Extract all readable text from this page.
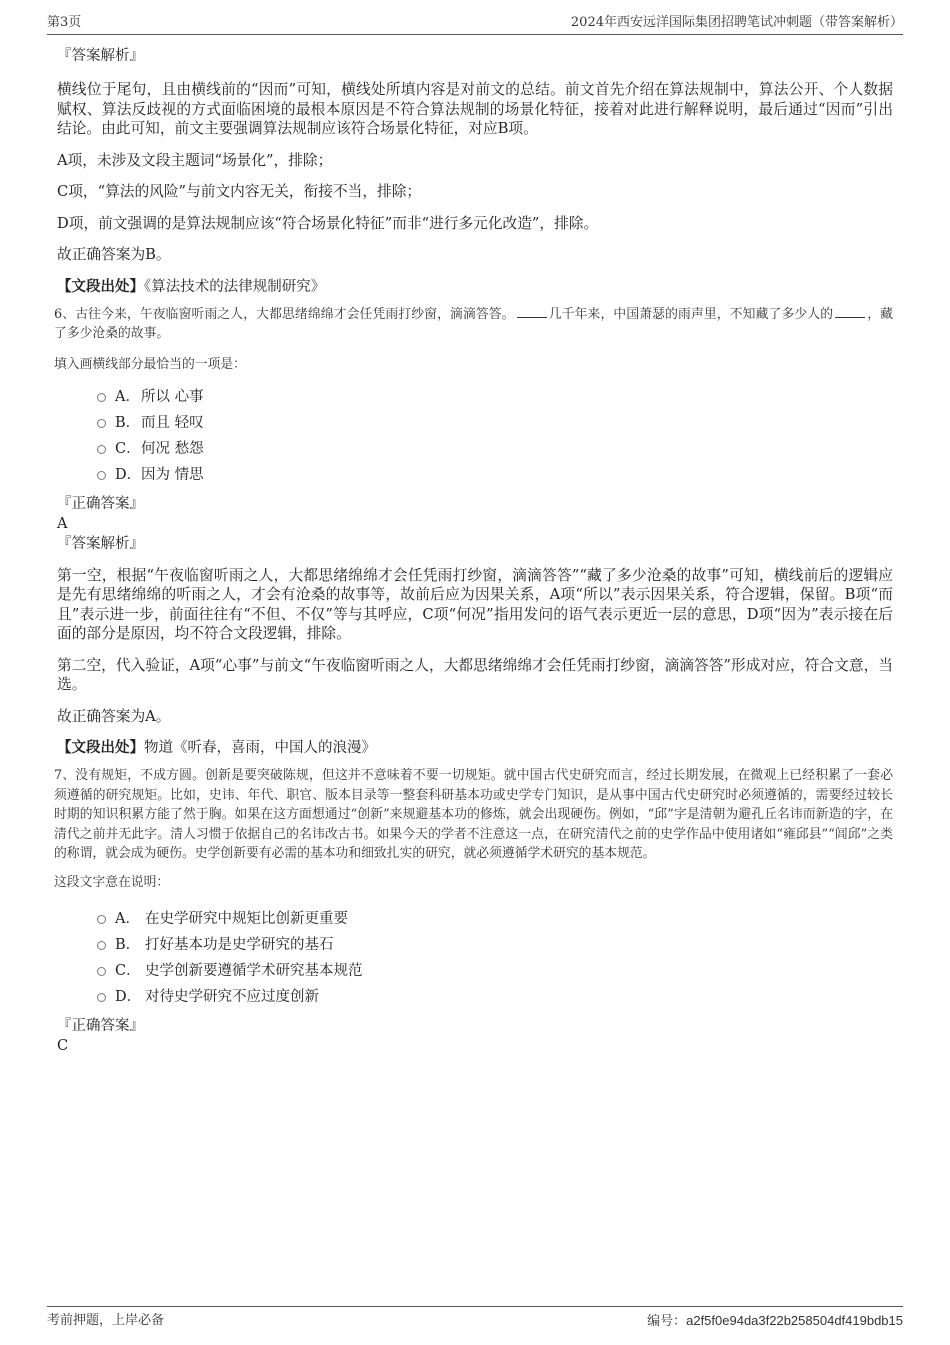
第3页	2024年西安远洋国际集团招聘笔试冲刺题（带答案解析）

『答案解析』

横线位于尾句，且由横线前的“因而”可知，横线处所填内容是对前文的总结。前文首先介绍在算法规制中，算法公开、个人数据赋权、算法反歧视的方式面临困境的最根本原因是不符合算法规制的场景化特征，接着对此进行解释说明，最后通过“因而”引出结论。由此可知，前文主要强调算法规制应该符合场景化特征，对应B项。

A项，未涉及文段主题词“场景化”，排除；

C项，“算法的风险”与前文内容无关，衔接不当，排除；

D项，前文强调的是算法规制应该“符合场景化特征”而非“进行多元化改造”，排除。

故正确答案为B。

【文段出处】《算法技术的法律规制研究》

6、古往今来，午夜临窗听雨之人，大都思绪绵绵才会任凭雨打纱窗，滴滴答答。	几千年来，中国萧瑟的雨声里，不知藏了多少人的	，藏了多少沧桑的故事。

填入画横线部分最恰当的一项是：

A．所以 心事
B．而且 轻叹
C．何况 愁怨
D．因为 情思

『正确答案』

A

『答案解析』

第一空，根据“午夜临窗听雨之人，大都思绪绵绵才会任凭雨打纱窗，滴滴答答”“藏了多少沧桑的故事”可知，横线前后的逻辑应是先有思绪绵绵的听雨之人，才会有沧桑的故事等，故前后应为因果关系，A项“所以”表示因果关系，符合逻辑，保留。B项“而且”表示进一步，前面往往有“不但、不仅”等与其呼应，C项“何况”指用发问的语气表示更近一层的意思，D项“因为”表示接在后面的部分是原因，均不符合文段逻辑，排除。

第二空，代入验证，A项“心事”与前文“午夜临窗听雨之人，大都思绪绵绵才会任凭雨打纱窗，滴滴答答”形成对应，符合文意，当选。

故正确答案为A。

【文段出处】物道《听春，喜雨，中国人的浪漫》

7、没有规矩，不成方圆。创新是要突破陈规，但这并不意味着不要一切规矩。就中国古代史研究而言，经过长期发展，在微观上已经积累了一套必须遵循的研究规矩。比如，史讳、年代、职官、版本目录等一整套科研基本功或史学专门知识，是从事中国古代史研究时必须遵循的，需要经过较长时期的知识积累方能了然于胸。如果在这方面想通过“创新”来规避基本功的修炼，就会出现硬伤。例如，“邱”字是清朝为避孔丘名讳而新造的字，在清代之前并无此字。清人习惯于依据自己的名讳改古书。如果今天的学者不注意这一点，在研究清代之前的史学作品中使用诸如“雍邱县”“闾邱”之类的称谓，就会成为硬伤。史学创新要有必需的基本功和细致扎实的研究，就必须遵循学术研究的基本规范。

这段文字意在说明：

A． 在史学研究中规矩比创新更重要
B． 打好基本功是史学研究的基石
C． 史学创新要遵循学术研究基本规范
D． 对待史学研究不应过度创新

『正确答案』

C

考前押题，上岸必备	编号：a2f5f0e94da3f22b258504df419bdb15
